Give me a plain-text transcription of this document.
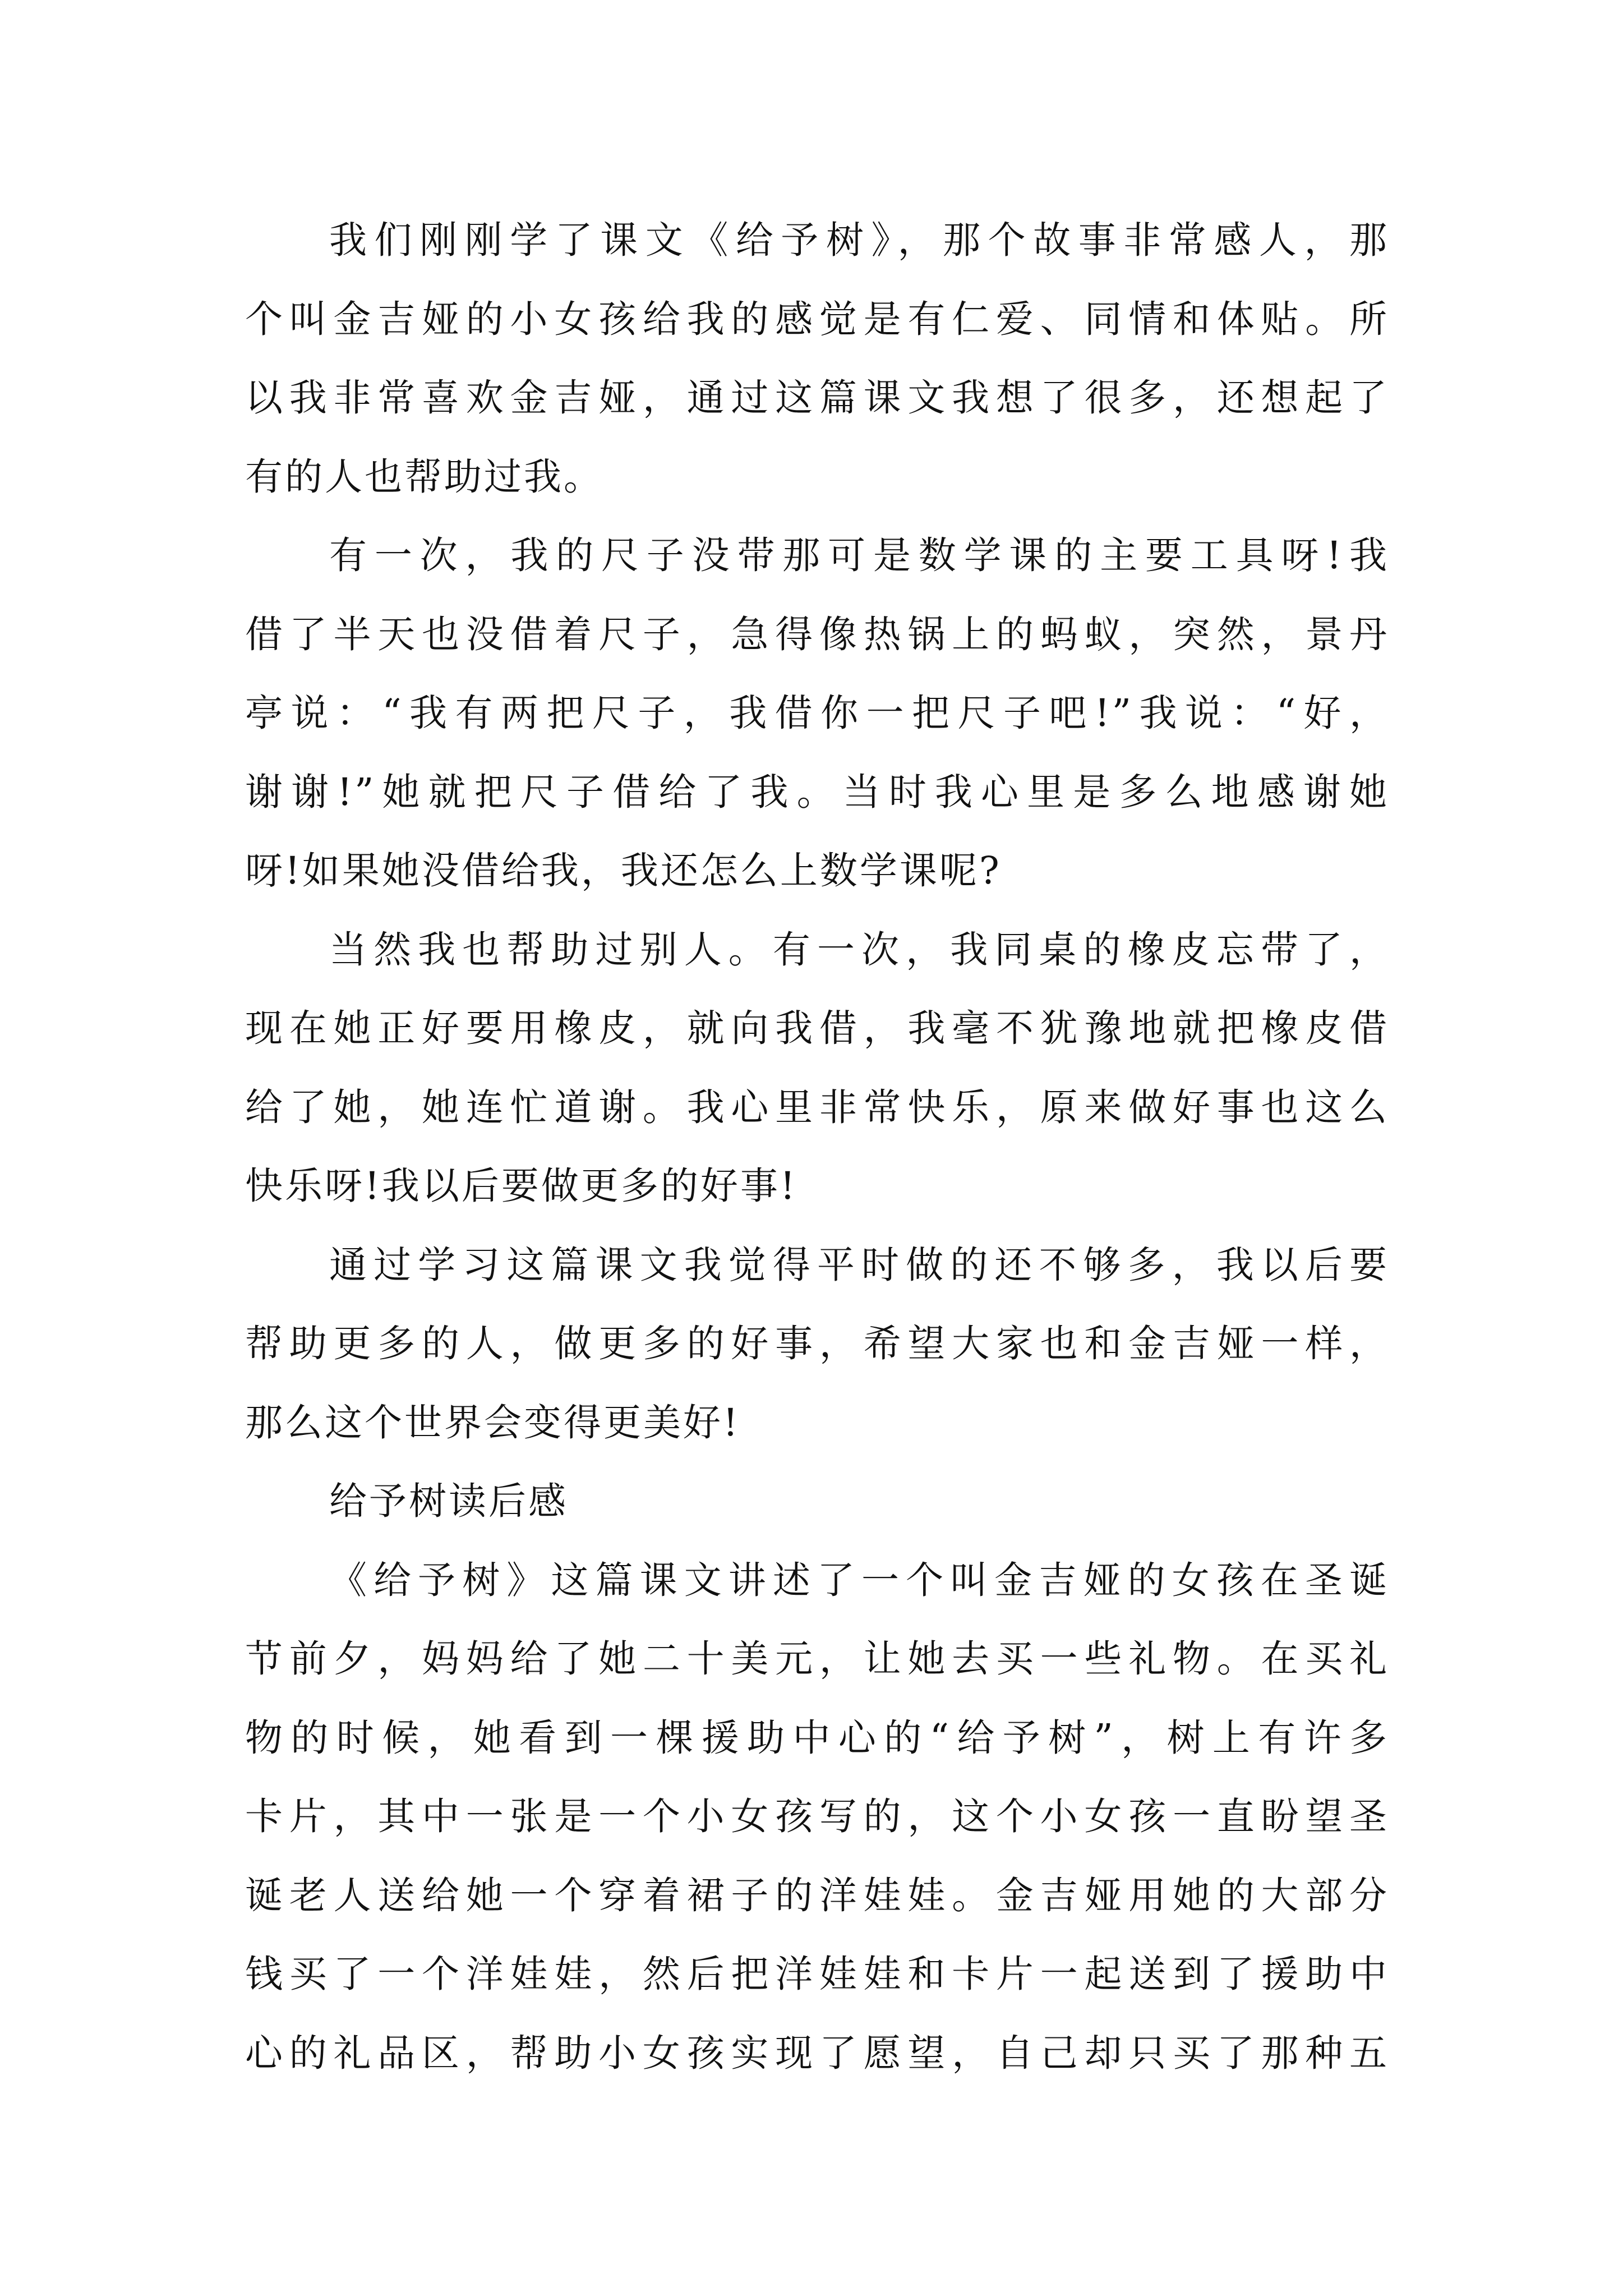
我们刚刚学了课文《给予树》，那个故事非常感人，那
个叫金吉娅的小女孩给我的感觉是有仁爱、同情和体贴。所
以我非常喜欢金吉娅，通过这篇课文我想了很多，还想起了
有的人也帮助过我。
有一次，我的尺子没带那可是数学课的主要工具呀!我
借了半天也没借着尺子，急得像热锅上的蚂蚁，突然，景丹
亭说：“我有两把尺子，我借你一把尺子吧!”我说：“好，
谢谢!”她就把尺子借给了我。当时我心里是多么地感谢她
呀!如果她没借给我，我还怎么上数学课呢?
当然我也帮助过别人。有一次，我同桌的橡皮忘带了，
现在她正好要用橡皮，就向我借，我毫不犹豫地就把橡皮借
给了她，她连忙道谢。我心里非常快乐，原来做好事也这么
快乐呀!我以后要做更多的好事!
通过学习这篇课文我觉得平时做的还不够多，我以后要
帮助更多的人，做更多的好事，希望大家也和金吉娅一样，
那么这个世界会变得更美好!
给予树读后感
《给予树》这篇课文讲述了一个叫金吉娅的女孩在圣诞
节前夕，妈妈给了她二十美元，让她去买一些礼物。在买礼
物的时候，她看到一棵援助中心的“给予树”，树上有许多
卡片，其中一张是一个小女孩写的，这个小女孩一直盼望圣
诞老人送给她一个穿着裙子的洋娃娃。金吉娅用她的大部分
钱买了一个洋娃娃，然后把洋娃娃和卡片一起送到了援助中
心的礼品区，帮助小女孩实现了愿望，自己却只买了那种五
